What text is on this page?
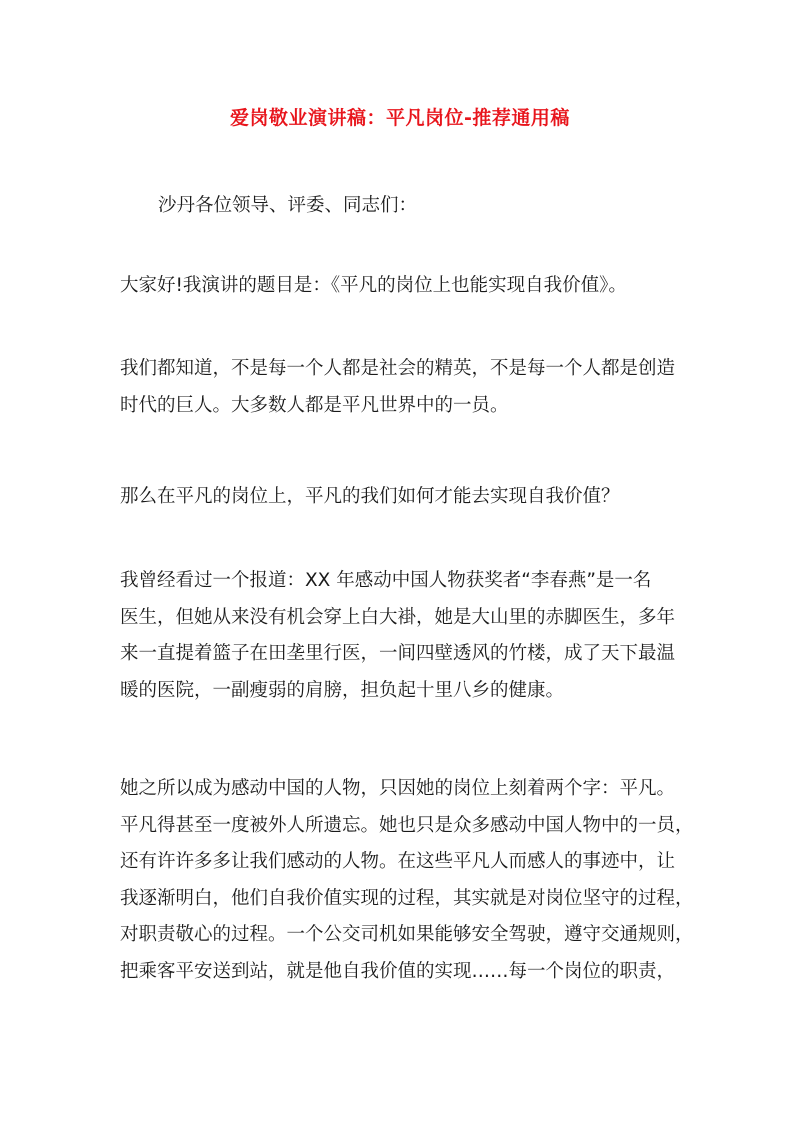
爱岗敬业演讲稿：平凡岗位-推荐通用稿

沙丹各位领导、评委、同志们：

大家好!我演讲的题目是：《平凡的岗位上也能实现自我价值》。

我们都知道，不是每一个人都是社会的精英，不是每一个人都是创造
时代的巨人。大多数人都是平凡世界中的一员。

那么在平凡的岗位上，平凡的我们如何才能去实现自我价值？

我曾经看过一个报道：XX 年感动中国人物获奖者“李春燕”是一名
医生，但她从来没有机会穿上白大褂，她是大山里的赤脚医生，多年
来一直提着篮子在田垄里行医，一间四壁透风的竹楼，成了天下最温
暖的医院，一副瘦弱的肩膀，担负起十里八乡的健康。

她之所以成为感动中国的人物，只因她的岗位上刻着两个字：平凡。
平凡得甚至一度被外人所遗忘。她也只是众多感动中国人物中的一员，
还有许许多多让我们感动的人物。在这些平凡人而感人的事迹中，让
我逐渐明白，他们自我价值实现的过程，其实就是对岗位坚守的过程，
对职责敬心的过程。一个公交司机如果能够安全驾驶，遵守交通规则，
把乘客平安送到站，就是他自我价值的实现……每一个岗位的职责，
